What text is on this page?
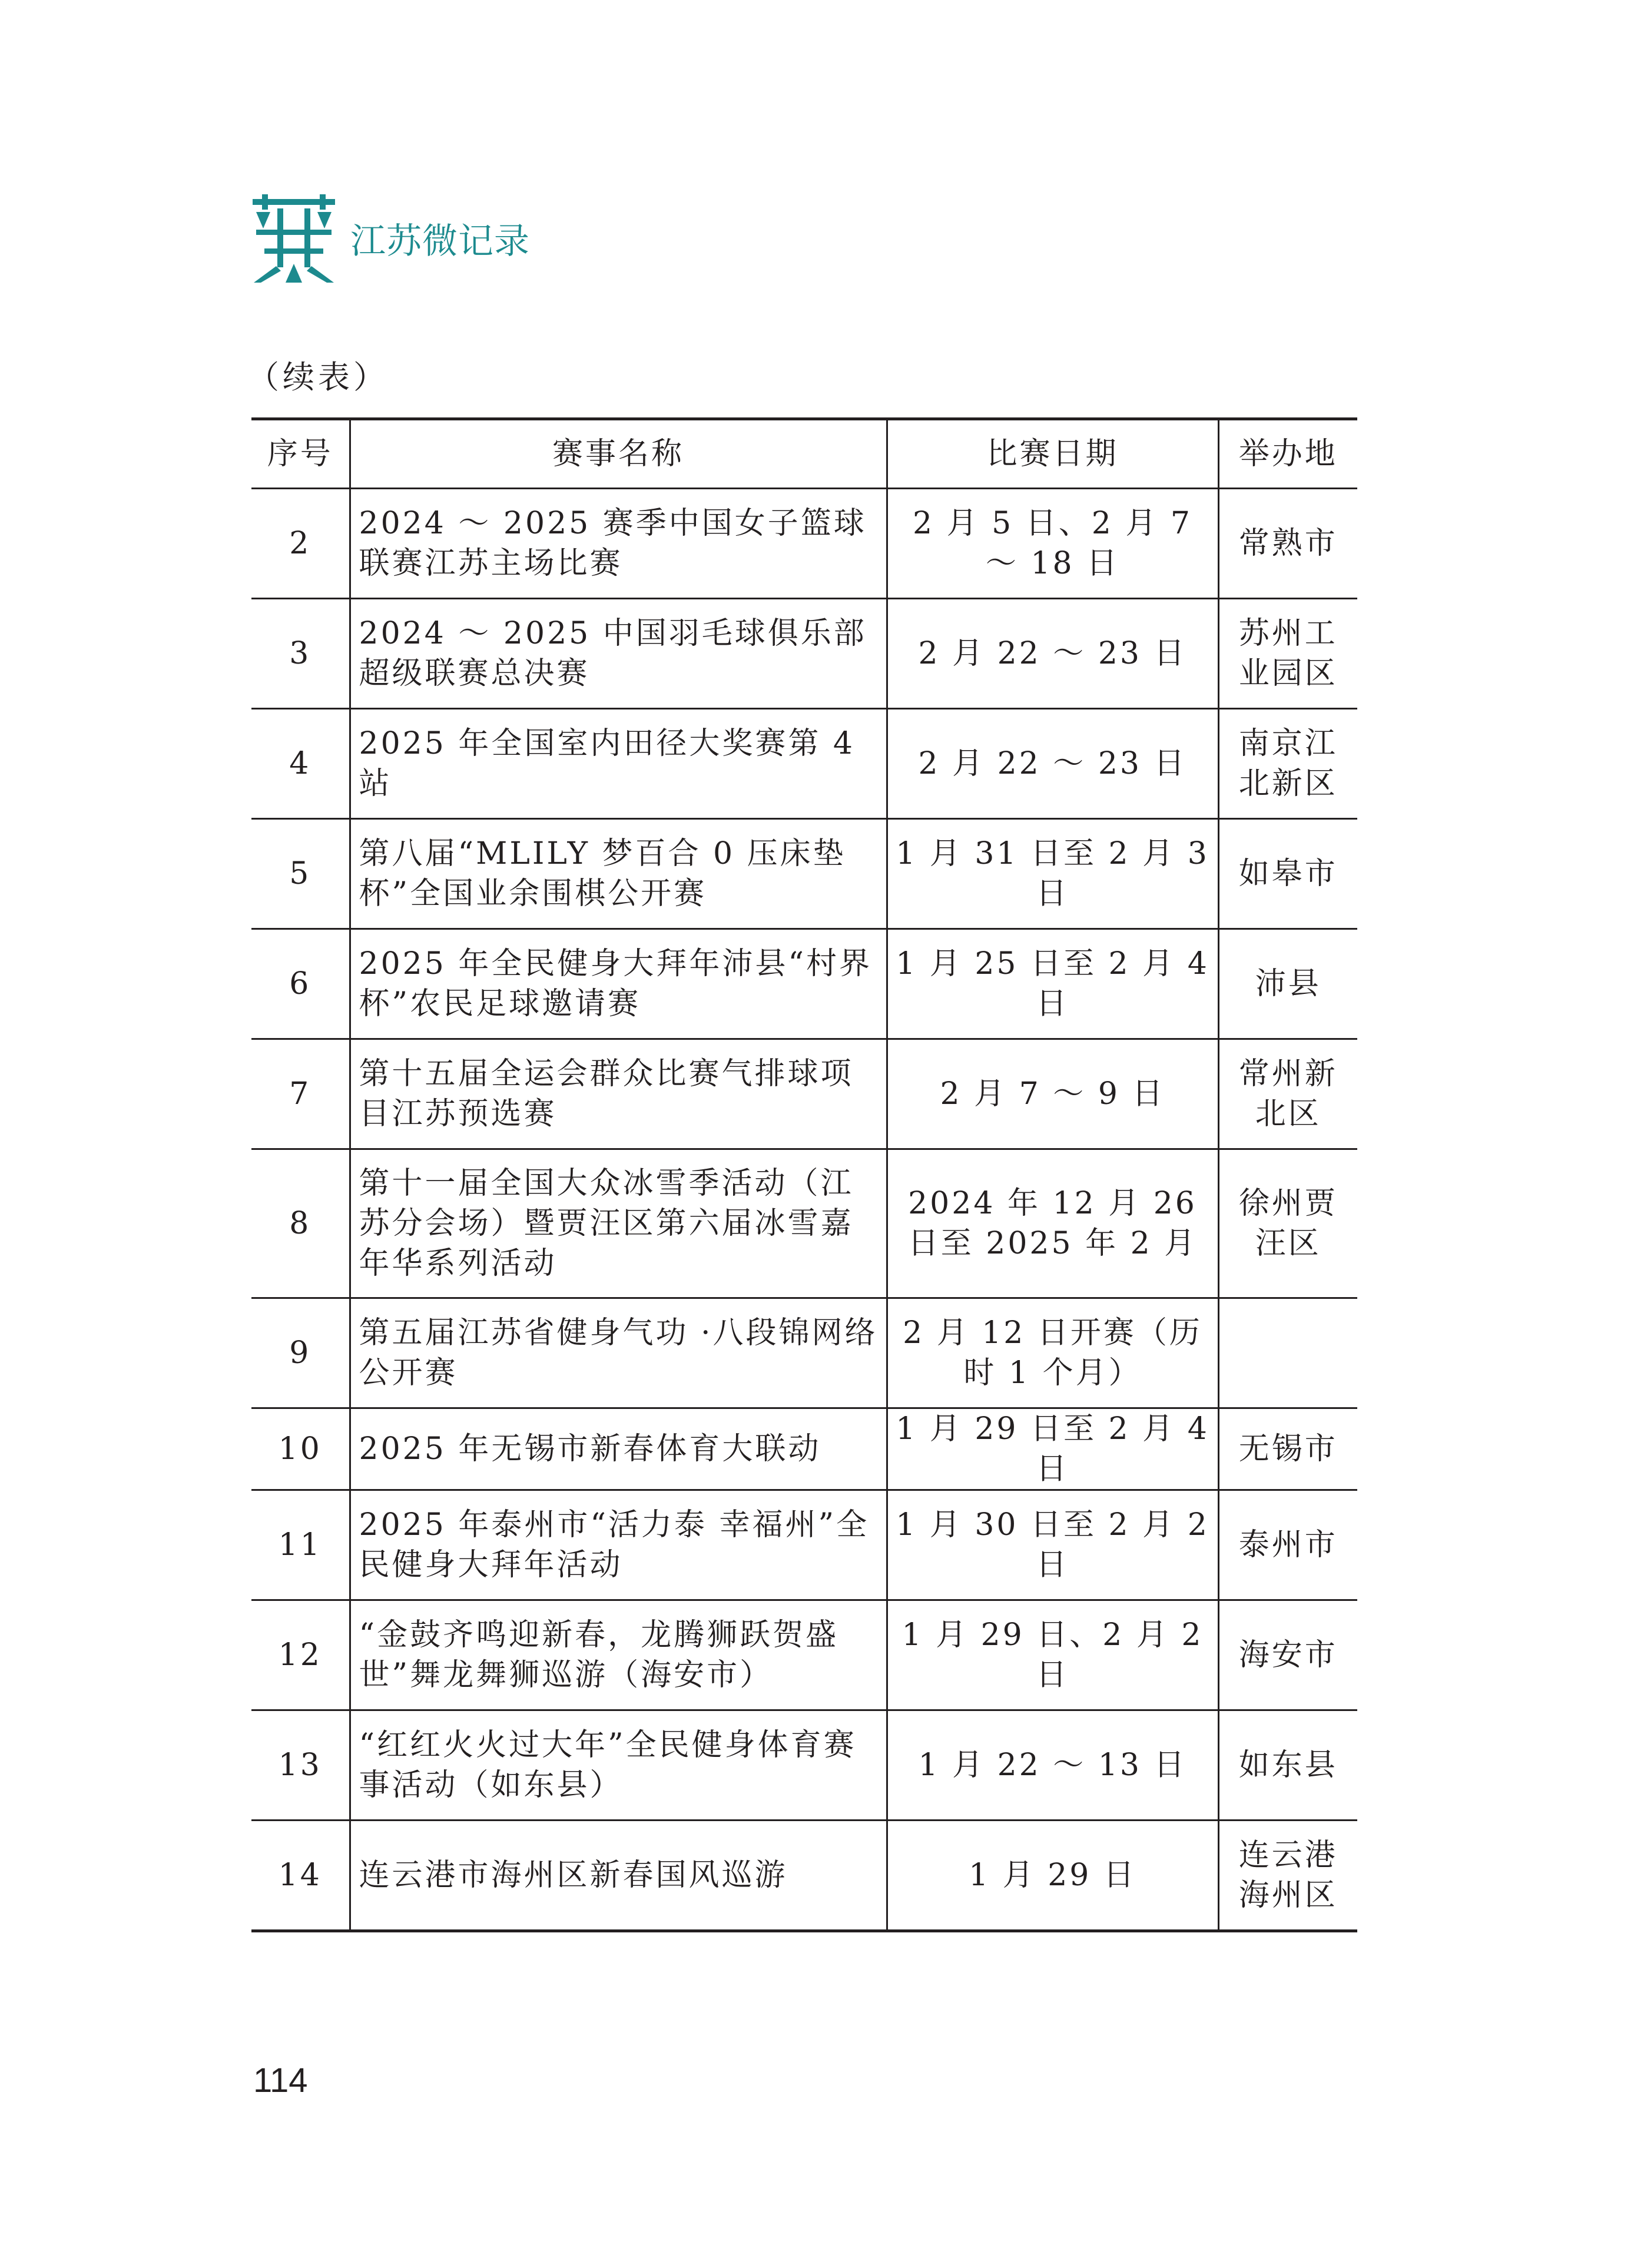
江苏微记录
（续表）
序号	赛事名称	比赛日期	举办地
2	2024 ～ 2025 赛季中国女子篮球联赛江苏主场比赛	2 月 5 日、2 月 7 ～ 18 日	常熟市
3	2024 ～ 2025 中国羽毛球俱乐部超级联赛总决赛	2 月 22 ～ 23 日	苏州工业园区
4	2025 年全国室内田径大奖赛第 4 站	2 月 22 ～ 23 日	南京江北新区
5	第八届“MLILY 梦百合 0 压床垫杯”全国业余围棋公开赛	1 月 31 日至 2 月 3 日	如皋市
6	2025 年全民健身大拜年沛县“村界杯”农民足球邀请赛	1 月 25 日至 2 月 4 日	沛县
7	第十五届全运会群众比赛气排球项目江苏预选赛	2 月 7 ～ 9 日	常州新北区
8	第十一届全国大众冰雪季活动（江苏分会场）暨贾汪区第六届冰雪嘉年华系列活动	2024 年 12 月 26 日至 2025 年 2 月	徐州贾汪区
9	第五届江苏省健身气功 ·八段锦网络公开赛	2 月 12 日开赛（历时 1 个月）	
10	2025 年无锡市新春体育大联动	1 月 29 日至 2 月 4 日	无锡市
11	2025 年泰州市“活力泰 幸福州”全民健身大拜年活动	1 月 30 日至 2 月 2 日	泰州市
12	“金鼓齐鸣迎新春，龙腾狮跃贺盛世”舞龙舞狮巡游（海安市）	1 月 29 日、2 月 2 日	海安市
13	“红红火火过大年”全民健身体育赛事活动（如东县）	1 月 22 ～ 13 日	如东县
14	连云港市海州区新春国风巡游	1 月 29 日	连云港海州区
114
